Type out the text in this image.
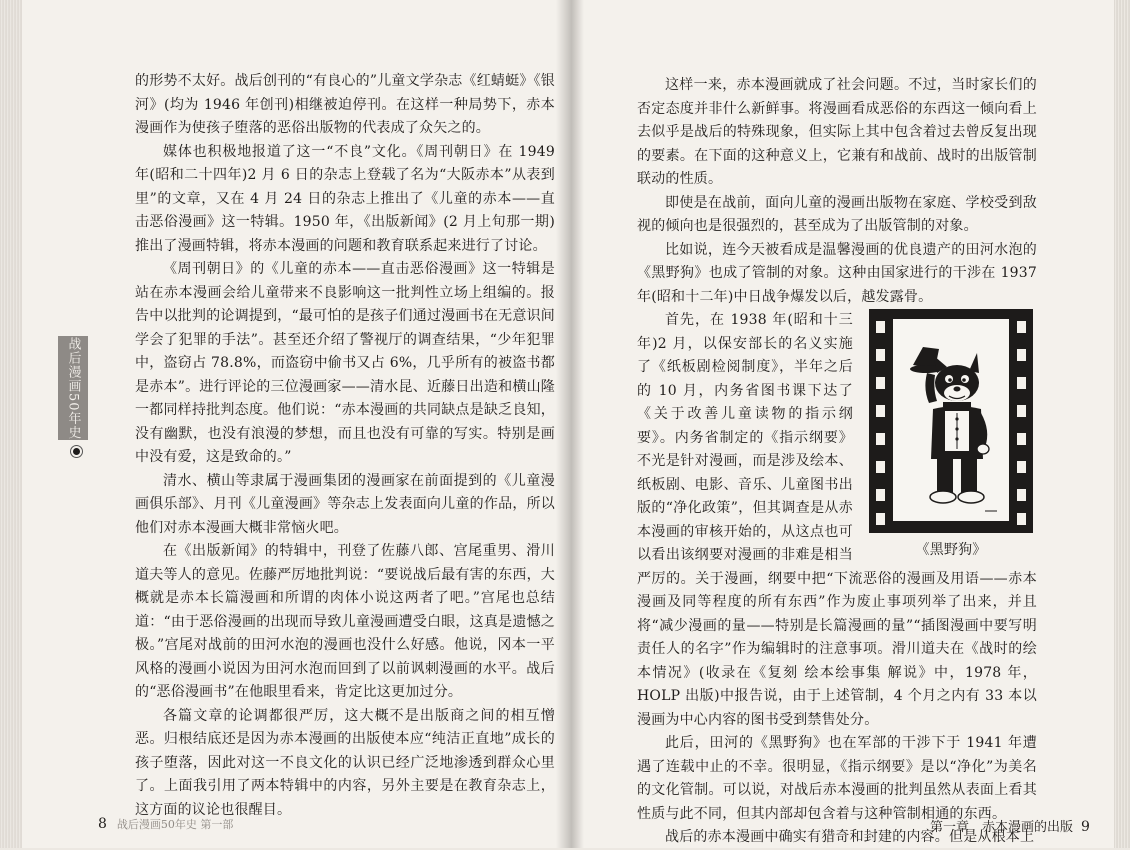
的形势不太好。战后创刊的“有良心的”儿童文学杂志《红蜻蜓》《银河》(均为 1946 年创刊)相继被迫停刊。在这样一种局势下，赤本漫画作为使孩子堕落的恶俗出版物的代表成了众矢之的。

媒体也积极地报道了这一“不良”文化。《周刊朝日》在 1949 年(昭和二十四年)2 月 6 日的杂志上登载了名为“大阪赤本”从表到里”的文章，又在 4 月 24 日的杂志上推出了《儿童的赤本——直击恶俗漫画》这一特辑。1950 年，《出版新闻》(2 月上旬那一期)推出了漫画特辑，将赤本漫画的问题和教育联系起来进行了讨论。

《周刊朝日》的《儿童的赤本——直击恶俗漫画》这一特辑是站在赤本漫画会给儿童带来不良影响这一批判性立场上组编的。报告中以批判的论调提到，“最可怕的是孩子们通过漫画书在无意识间学会了犯罪的手法”。甚至还介绍了警视厅的调查结果，“少年犯罪中，盗窃占 78.8%，而盗窃中偷书又占 6%，几乎所有的被盗书都是赤本”。进行评论的三位漫画家——清水昆、近藤日出造和横山隆一都同样持批判态度。他们说：“赤本漫画的共同缺点是缺乏良知，没有幽默，也没有浪漫的梦想，而且也没有可靠的写实。特别是画中没有爱，这是致命的。”

清水、横山等隶属于漫画集团的漫画家在前面提到的《儿童漫画俱乐部》、月刊《儿童漫画》等杂志上发表面向儿童的作品，所以他们对赤本漫画大概非常恼火吧。

在《出版新闻》的特辑中，刊登了佐藤八郎、宫尾重男、滑川道夫等人的意见。佐藤严厉地批判说：“要说战后最有害的东西，大概就是赤本长篇漫画和所谓的肉体小说这两者了吧。”宫尾也总结道：“由于恶俗漫画的出现而导致儿童漫画遭受白眼，这真是遗憾之极。”宫尾对战前的田河水泡的漫画也没什么好感。他说，冈本一平风格的漫画小说因为田河水泡而回到了以前讽刺漫画的水平。战后的“恶俗漫画书”在他眼里看来，肯定比这更加过分。

各篇文章的论调都很严厉，这大概不是出版商之间的相互憎恶。归根结底还是因为赤本漫画的出版使本应“纯洁正直地”成长的孩子堕落，因此对这一不良文化的认识已经广泛地渗透到群众心里了。上面我引用了两本特辑中的内容，另外主要是在教育杂志上，这方面的议论也很醒目。

战后漫画50年史
8 战后漫画50年史 第一部

这样一来，赤本漫画就成了社会问题。不过，当时家长们的否定态度并非什么新鲜事。将漫画看成恶俗的东西这一倾向看上去似乎是战后的特殊现象，但实际上其中包含着过去曾反复出现的要素。在下面的这种意义上，它兼有和战前、战时的出版管制联动的性质。

即使是在战前，面向儿童的漫画出版物在家庭、学校受到敌视的倾向也是很强烈的，甚至成为了出版管制的对象。

比如说，连今天被看成是温馨漫画的优良遗产的田河水泡的《黑野狗》也成了管制的对象。这种由国家进行的干涉在 1937 年(昭和十二年)中日战争爆发以后，越发露骨。

《黑野狗》

首先，在 1938 年(昭和十三年)2 月，以保安部长的名义实施了《纸板剧检阅制度》，半年之后的 10 月，内务省图书课下达了《关于改善儿童读物的指示纲要》。内务省制定的《指示纲要》不光是针对漫画，而是涉及绘本、纸板剧、电影、音乐、儿童图书出版的“净化政策”，但其调查是从赤本漫画的审核开始的，从这点也可以看出该纲要对漫画的非难是相当严厉的。关于漫画，纲要中把“下流恶俗的漫画及用语——赤本漫画及同等程度的所有东西”作为废止事项列举了出来，并且将“减少漫画的量——特别是长篇漫画的量”“插图漫画中要写明责任人的名字”作为编辑时的注意事项。滑川道夫在《战时的绘本情况》(收录在《复刻 绘本绘事集 解说》中，1978 年，HOLP 出版)中报告说，由于上述管制，4 个月之内有 33 本以漫画为中心内容的图书受到禁售处分。

此后，田河的《黑野狗》也在军部的干涉下于 1941 年遭遇了连载中止的不幸。很明显，《指示纲要》是以“净化”为美名的文化管制。可以说，对战后赤本漫画的批判虽然从表面上看其性质与此不同，但其内部却包含着与这种管制相通的东西。

战后的赤本漫画中确实有猎奇和封建的内容。但是从根本上

第一章　赤本漫画的出版 9
